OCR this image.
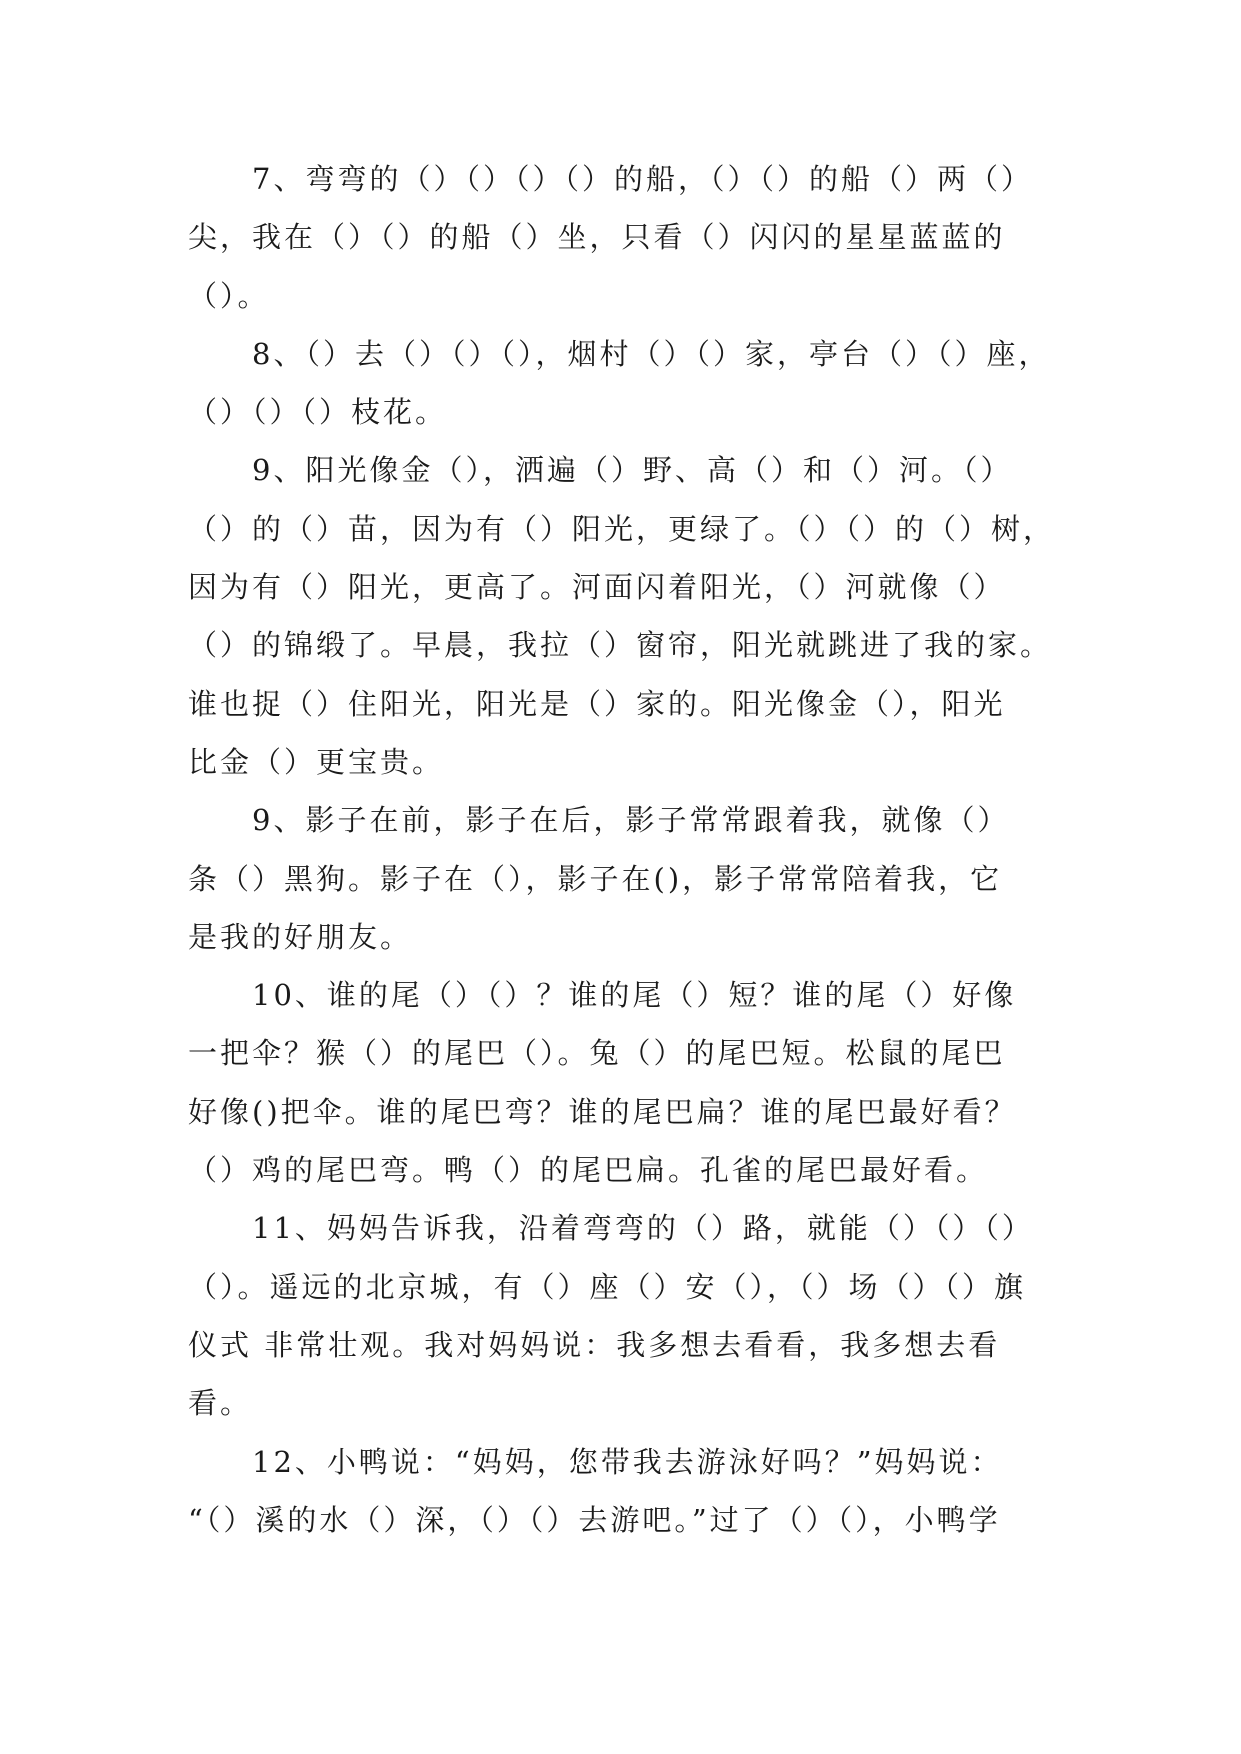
7、弯弯的（）（）（）（）的船，（）（）的船（）两（）
尖，我在（）（）的船（）坐，只看（）闪闪的星星蓝蓝的
（）。
8、（）去（）（）（），烟村（）（）家，亭台（）（）座，
（）（）（）枝花。
9、阳光像金（），洒遍（）野、高（）和（）河。（）
（）的（）苗，因为有（）阳光，更绿了。（）（）的（）树，
因为有（）阳光，更高了。河面闪着阳光，（）河就像（）
（）的锦缎了。早晨，我拉（）窗帘，阳光就跳进了我的家。
谁也捉（）住阳光，阳光是（）家的。阳光像金（），阳光
比金（）更宝贵。
9、影子在前，影子在后，影子常常跟着我，就像（）
条（）黑狗。影子在（），影子在()，影子常常陪着我，它
是我的好朋友。
10、谁的尾（）（）？谁的尾（）短？谁的尾（）好像
一把伞？猴（）的尾巴（）。兔（）的尾巴短。松鼠的尾巴
好像()把伞。谁的尾巴弯？谁的尾巴扁？谁的尾巴最好看？
（）鸡的尾巴弯。鸭（）的尾巴扁。孔雀的尾巴最好看。
11、妈妈告诉我，沿着弯弯的（）路，就能（）（）（）
（）。遥远的北京城，有（）座（）安（），（）场（）（）旗
仪式 非常壮观。我对妈妈说：我多想去看看，我多想去看
看。
12、小鸭说：“妈妈，您带我去游泳好吗？”妈妈说：
“（）溪的水（）深，（）（）去游吧。”过了（）（），小鸭学
